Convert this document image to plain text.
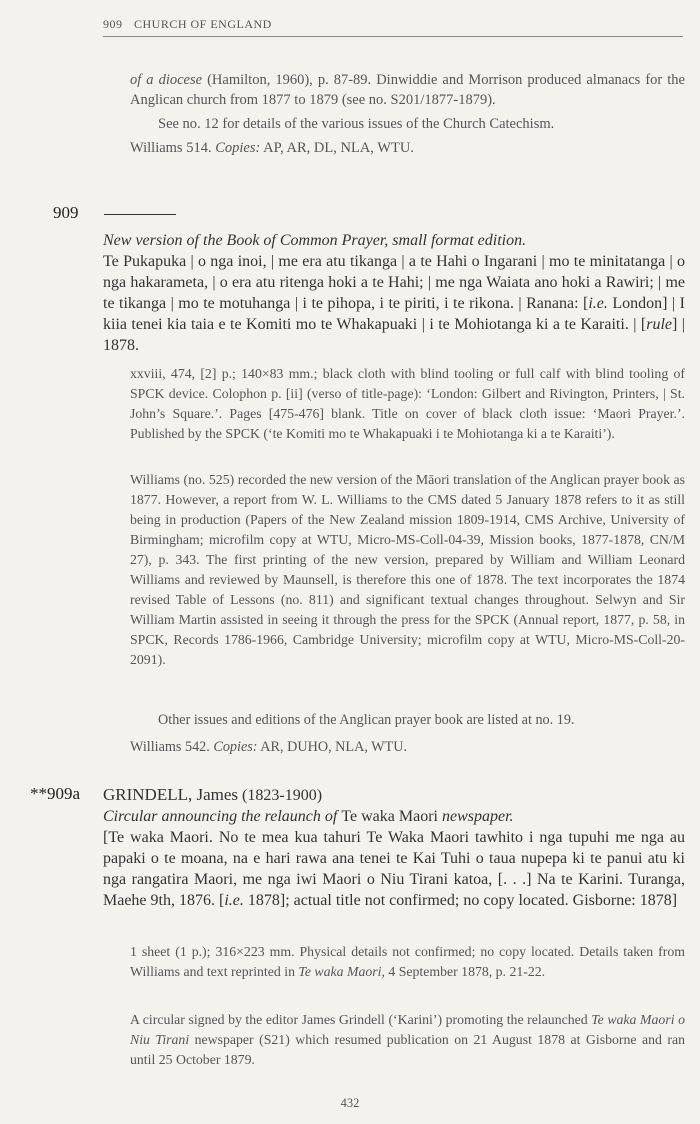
909 CHURCH OF ENGLAND

of a diocese (Hamilton, 1960), p. 87-89. Dinwiddie and Morrison produced almanacs for the Anglican church from 1877 to 1879 (see no. S201/1877-1879).

See no. 12 for details of the various issues of the Church Catechism.

Williams 514. Copies: AP, AR, DL, NLA, WTU.

909
New version of the Book of Common Prayer, small format edition.
Te Pukapuka | o nga inoi, | me era atu tikanga | a te Hahi o Ingarani | mo te minitatanga | o nga hakarameta, | o era atu ritenga hoki a te Hahi; | me nga Waiata ano hoki a Rawiri; | me te tikanga | mo te motuhanga | i te pihopa, i te piriti, i te rikona. | Ranana: [i.e. London] | I kiia tenei kia taia e te Komiti mo te Whakapuaki | i te Mohiotanga ki a te Karaiti. | [rule] | 1878.
xxviii, 474, [2] p.; 140×83 mm.; black cloth with blind tooling or full calf with blind tooling of SPCK device. Colophon p. [ii] (verso of title-page): ‘London: Gilbert and Rivington, Printers, | St. John’s Square.’. Pages [475-476] blank. Title on cover of black cloth issue: ‘Maori Prayer.’. Published by the SPCK (‘te Komiti mo te Whakapuaki i te Mohiotanga ki a te Karaiti’).
Williams (no. 525) recorded the new version of the Māori translation of the Anglican prayer book as 1877. However, a report from W. L. Williams to the CMS dated 5 January 1878 refers to it as still being in production (Papers of the New Zealand mission 1809-1914, CMS Archive, University of Birmingham; microfilm copy at WTU, Micro-MS-Coll-04-39, Mission books, 1877-1878, CN/M 27), p. 343. The first printing of the new version, prepared by William and William Leonard Williams and reviewed by Maunsell, is therefore this one of 1878. The text incorporates the 1874 revised Table of Lessons (no. 811) and significant textual changes throughout. Selwyn and Sir William Martin assisted in seeing it through the press for the SPCK (Annual report, 1877, p. 58, in SPCK, Records 1786-1966, Cambridge University; microfilm copy at WTU, Micro-MS-Coll-20-2091).
Other issues and editions of the Anglican prayer book are listed at no. 19.
Williams 542. Copies: AR, DUHO, NLA, WTU.
**909a GRINDELL, James (1823-1900)
Circular announcing the relaunch of Te waka Maori newspaper.
[Te waka Maori. No te mea kua tahuri Te Waka Maori tawhito i nga tupuhi me nga au papaki o te moana, na e hari rawa ana tenei te Kai Tuhi o taua nupepa ki te panui atu ki nga rangatira Maori, me nga iwi Maori o Niu Tirani katoa, [. . .] Na te Karini. Turanga, Maehe 9th, 1876. [i.e. 1878]; actual title not confirmed; no copy located. Gisborne: 1878]
1 sheet (1 p.); 316×223 mm. Physical details not confirmed; no copy located. Details taken from Williams and text reprinted in Te waka Maori, 4 September 1878, p. 21-22.
A circular signed by the editor James Grindell (‘Karini’) promoting the relaunched Te waka Maori o Niu Tirani newspaper (S21) which resumed publication on 21 August 1878 at Gisborne and ran until 25 October 1879.
432
